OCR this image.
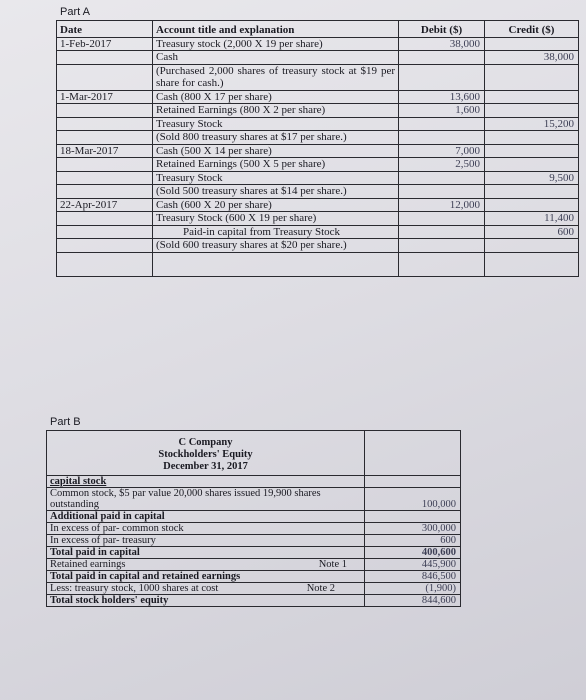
Part A
Date	Account title and explanation	Debit ($)	Credit ($)
1-Feb-2017	Treasury stock (2,000 X 19 per share)	38,000	
	Cash		38,000
	(Purchased 2,000 shares of treasury stock at $19 per share for cash.)		
1-Mar-2017	Cash (800 X 17 per share)	13,600	
	Retained Earnings (800 X 2 per share)	1,600	
	Treasury Stock		15,200
	(Sold 800 treasury shares at $17 per share.)		
18-Mar-2017	Cash (500 X 14 per share)	7,000	
	Retained Earnings (500 X 5 per share)	2,500	
	Treasury Stock		9,500
	(Sold 500 treasury shares at $14 per share.)		
22-Apr-2017	Cash (600 X 20 per share)	12,000	
	Treasury Stock (600 X 19 per share)		11,400
	Paid-in capital from Treasury Stock		600
	(Sold 600 treasury shares at $20 per share.)		

Part B
C Company
Stockholders' Equity
December 31, 2017	

capital stock	
Common stock, $5 par value 20,000 shares issued 19,900 shares outstanding	100,000
Additional paid in capital	
In excess of par- common stock	300,000
In excess of par- treasury	600
Total paid in capital	400,600

Retained earnings Note 1	445,900
Total paid in capital and retained earnings	846,500

Less: treasury stock, 1000 shares at cost Note 2	(1,900)
Total stock holders' equity	844,600
